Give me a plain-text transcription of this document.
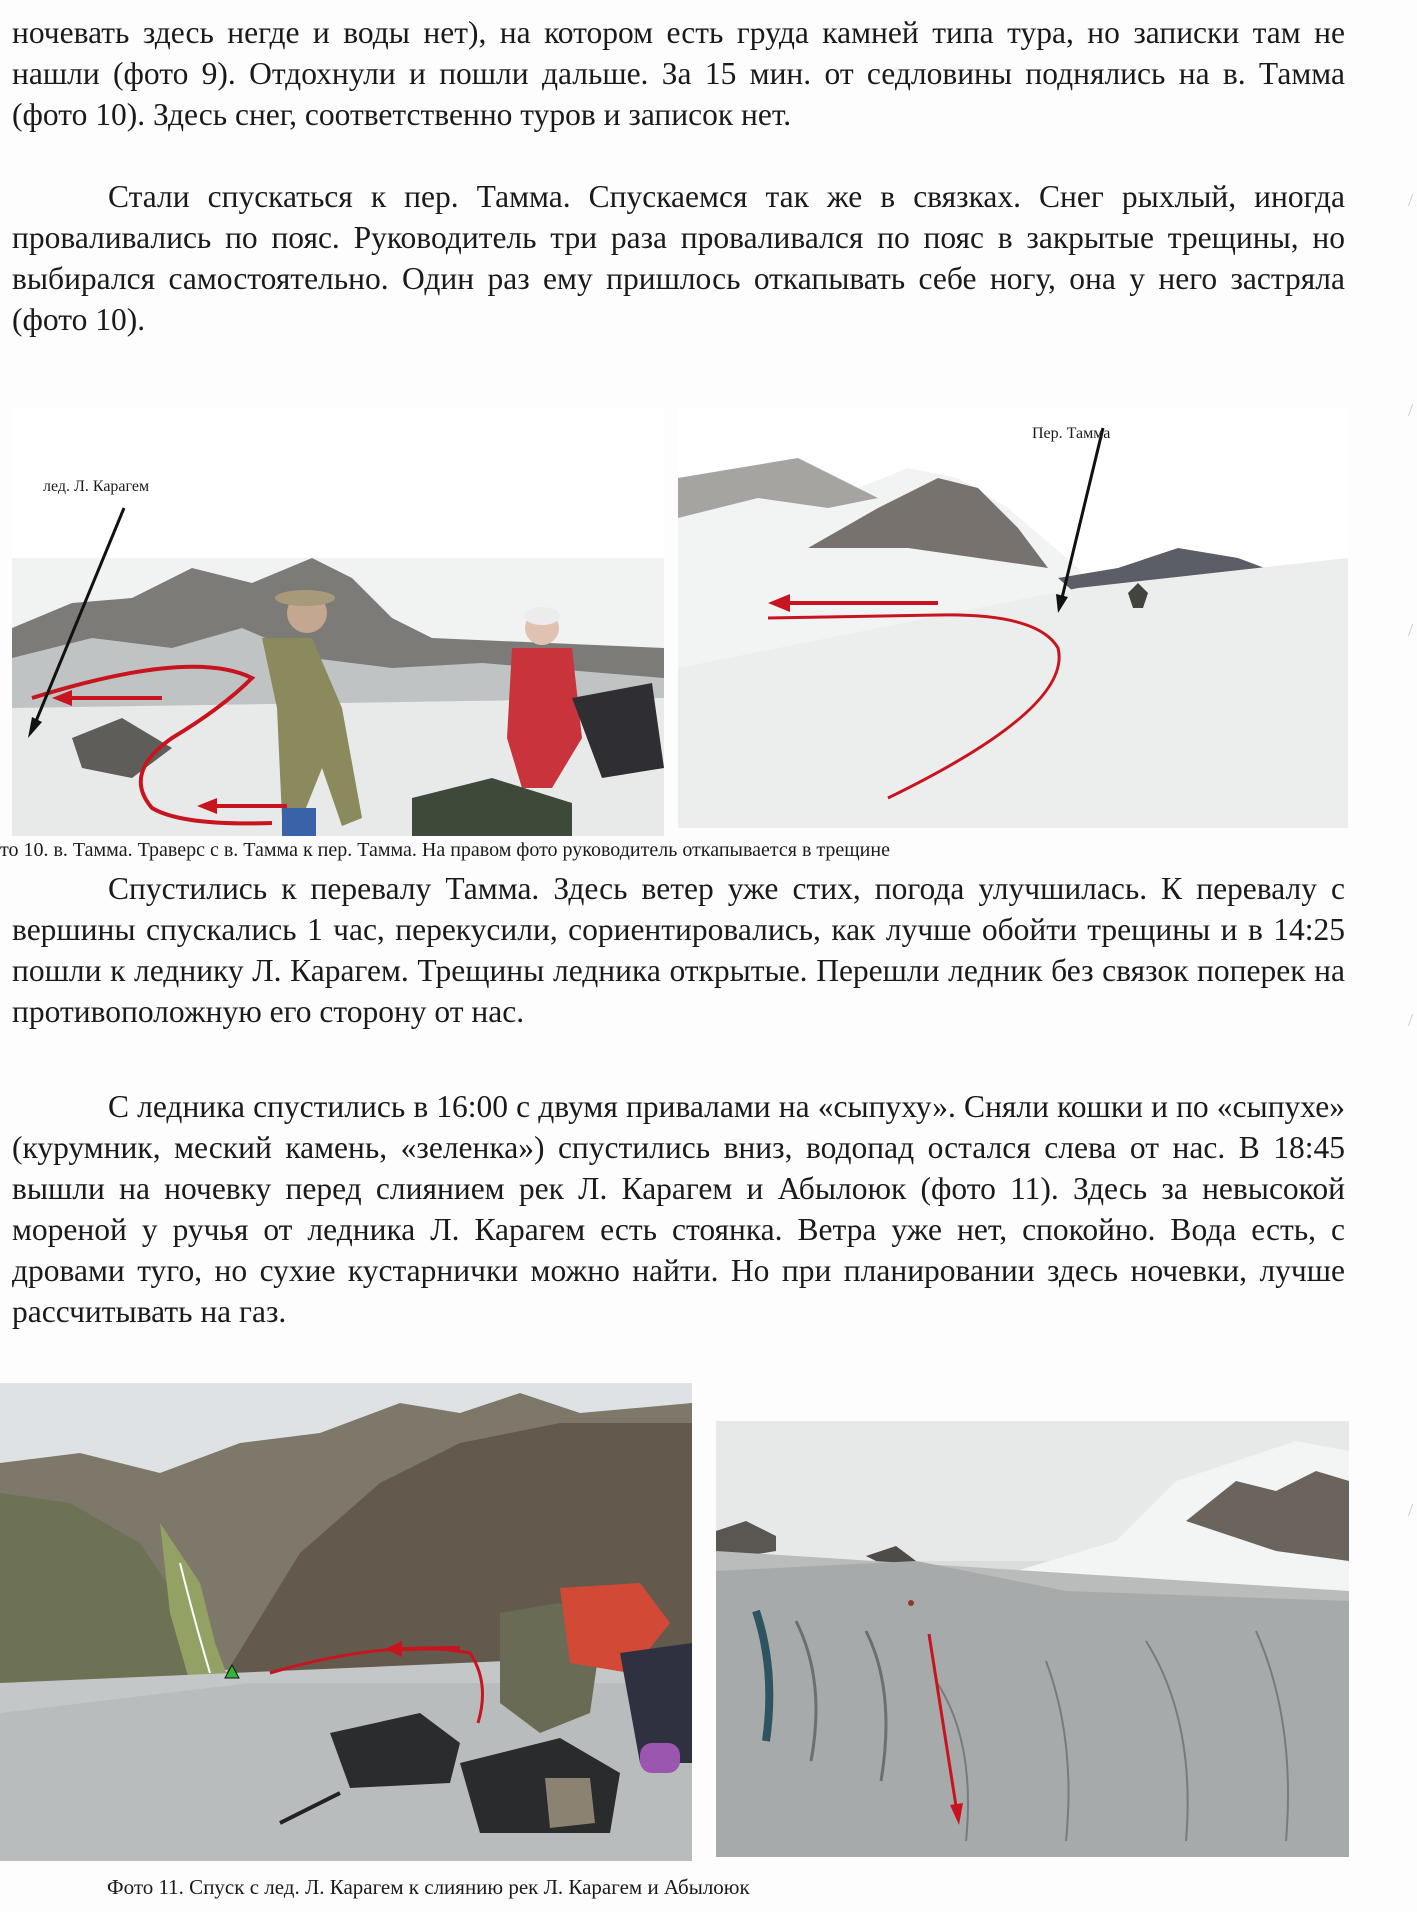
ночевать здесь негде и воды нет), на котором есть груда камней типа тура, но записки там не нашли (фото 9). Отдохнули и пошли дальше. За 15 мин. от седловины поднялись на в. Тамма (фото 10). Здесь снег, соответственно туров и записок нет.

Стали спускаться к пер. Тамма. Спускаемся так же в связках. Снег рыхлый, иногда проваливались по пояс. Руководитель три раза проваливался по пояс в закрытые трещины, но выбирался самостоятельно. Один раз ему пришлось откапывать себе ногу, она у него застряла (фото 10).

лед. Л. Карагем
Пер. Тамма

то 10. в. Тамма. Траверс с в. Тамма к пер. Тамма. На правом фото руководитель откапывается в трещине

Спустились к перевалу Тамма. Здесь ветер уже стих, погода улучшилась. К перевалу с вершины спускались 1 час, перекусили, сориентировались, как лучше обойти трещины и в 14:25 пошли к леднику Л. Карагем. Трещины ледника открытые. Перешли ледник без связок поперек на противоположную его сторону от нас.

С ледника спустились в 16:00 с двумя привалами на «сыпуху». Сняли кошки и по «сыпухе» (курумник, меский камень, «зеленка») спустились вниз, водопад остался слева от нас. В 18:45 вышли на ночевку перед слиянием рек Л. Карагем и Абылоюк (фото 11). Здесь за невысокой мореной у ручья от ледника Л. Карагем есть стоянка. Ветра уже нет, спокойно. Вода есть, с дровами туго, но сухие кустарнички можно найти. Но при планировании здесь ночевки, лучше рассчитывать на газ.

Фото 11. Спуск с лед. Л. Карагем к слиянию рек Л. Карагем и Абылоюк

/
/
/
/
/
